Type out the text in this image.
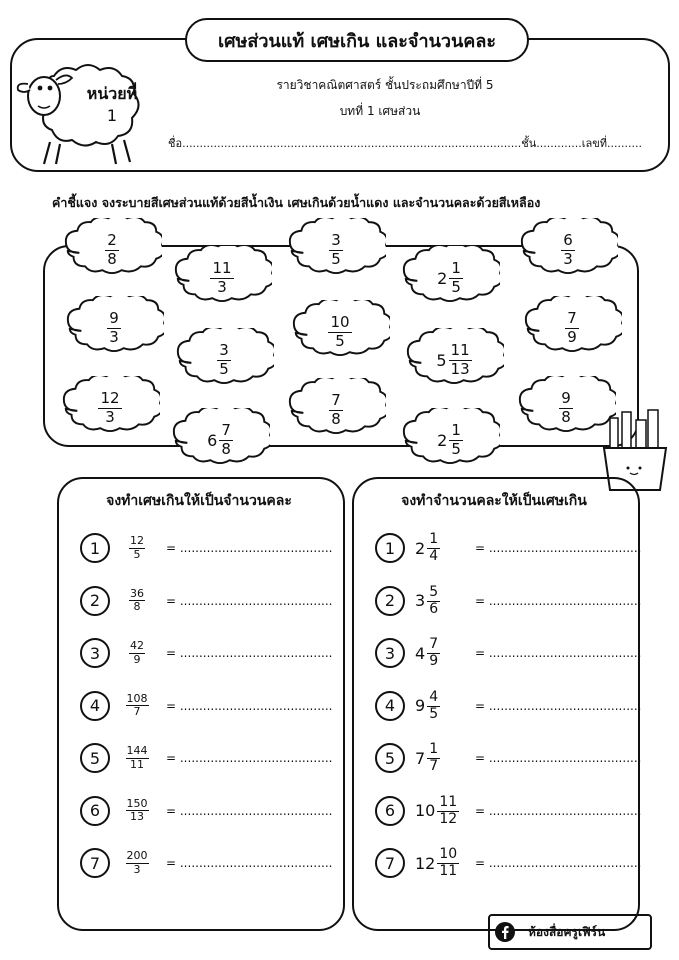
เศษส่วนแท้ เศษเกิน และจำนวนคละ
หน่วยที่
1
รายวิชาคณิตศาสตร์ ชั้นประถมศึกษาปีที่ 5
บทที่ 1 เศษส่วน
ชื่อ.................................................................................................ชั้น.............เลขที่..........
คำชี้แจง จงระบายสีเศษส่วนแท้ด้วยสีน้ำเงิน เศษเกินด้วยน้ำแดง และจำนวนคละด้วยสีเหลือง
$\frac{2}{8}$
$\frac{11}{3}$
$\frac{3}{5}$
$2 \frac{1}{5}$
$\frac{6}{3}$
$\frac{9}{3}$
$\frac{3}{5}$
$\frac{10}{5}$
$5 \frac{11}{13}$
$\frac{7}{9}$
$\frac{12}{3}$
$6 \frac{7}{8}$
$\frac{7}{8}$
$2 \frac{1}{5}$
$\frac{9}{8}$
จงทำเศษเกินให้เป็นจำนวนคละ
1	$\frac{12}{5}$ = ........................................
2	$\frac{36}{8}$ = ........................................
3	$\frac{42}{9}$ = ........................................
4	$\frac{108}{7}$ = ........................................
5	$\frac{144}{11}$ = ........................................
6	$\frac{150}{13}$ = ........................................
7	$\frac{200}{3}$ = ........................................
จงทำจำนวนคละให้เป็นเศษเกิน
1	$2 \frac{1}{4}$	= ........................................
2	$3 \frac{5}{6}$	= ........................................
3	$4 \frac{7}{9}$	= ........................................
4	$9 \frac{4}{5}$	= ........................................
5	$7 \frac{1}{7}$	= ........................................
6	$10 \frac{11}{12}$ = ........................................
7	$12 \frac{10}{11}$ = ........................................
ห้องสื่อครูเฟิร์น
